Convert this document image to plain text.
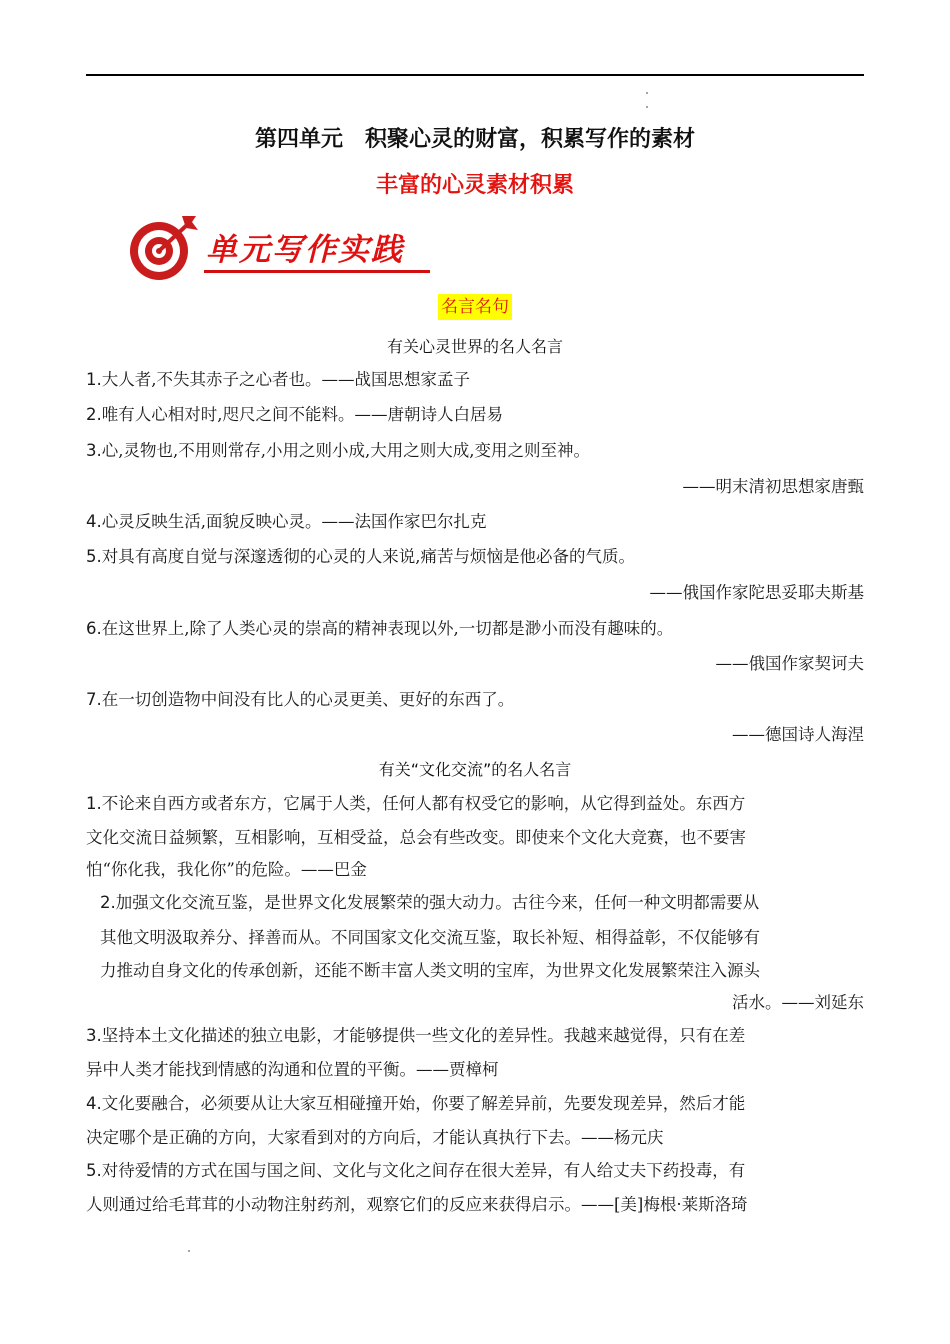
第四单元　积聚心灵的财富，积累写作的素材
丰富的心灵素材积累
单元写作实践
名言名句
有关心灵世界的名人名言
1.大人者,不失其赤子之心者也。——战国思想家孟子
2.唯有人心相对时,咫尺之间不能料。——唐朝诗人白居易
3.心,灵物也,不用则常存,小用之则小成,大用之则大成,变用之则至神。
——明末清初思想家唐甄
4.心灵反映生活,面貌反映心灵。——法国作家巴尔扎克
5.对具有高度自觉与深邃透彻的心灵的人来说,痛苦与烦恼是他必备的气质。
——俄国作家陀思妥耶夫斯基
6.在这世界上,除了人类心灵的崇高的精神表现以外,一切都是渺小而没有趣味的。
——俄国作家契诃夫
7.在一切创造物中间没有比人的心灵更美、更好的东西了。
——德国诗人海涅
有关“文化交流”的名人名言
1.不论来自西方或者东方，它属于人类，任何人都有权受它的影响，从它得到益处。东西方
文化交流日益频繁，互相影响，互相受益，总会有些改变。即使来个文化大竞赛，也不要害
怕“你化我，我化你”的危险。——巴金
2.加强文化交流互鉴，是世界文化发展繁荣的强大动力。古往今来，任何一种文明都需要从
其他文明汲取养分、择善而从。不同国家文化交流互鉴，取长补短、相得益彰，不仅能够有
力推动自身文化的传承创新，还能不断丰富人类文明的宝库，为世界文化发展繁荣注入源头
活水。——刘延东
3.坚持本土文化描述的独立电影，才能够提供一些文化的差异性。我越来越觉得，只有在差
异中人类才能找到情感的沟通和位置的平衡。——贾樟柯
4.文化要融合，必须要从让大家互相碰撞开始，你要了解差异前，先要发现差异，然后才能
决定哪个是正确的方向，大家看到对的方向后，才能认真执行下去。——杨元庆
5.对待爱情的方式在国与国之间、文化与文化之间存在很大差异，有人给丈夫下药投毒，有
人则通过给毛茸茸的小动物注射药剂，观察它们的反应来获得启示。——[美]梅根·莱斯洛琦
